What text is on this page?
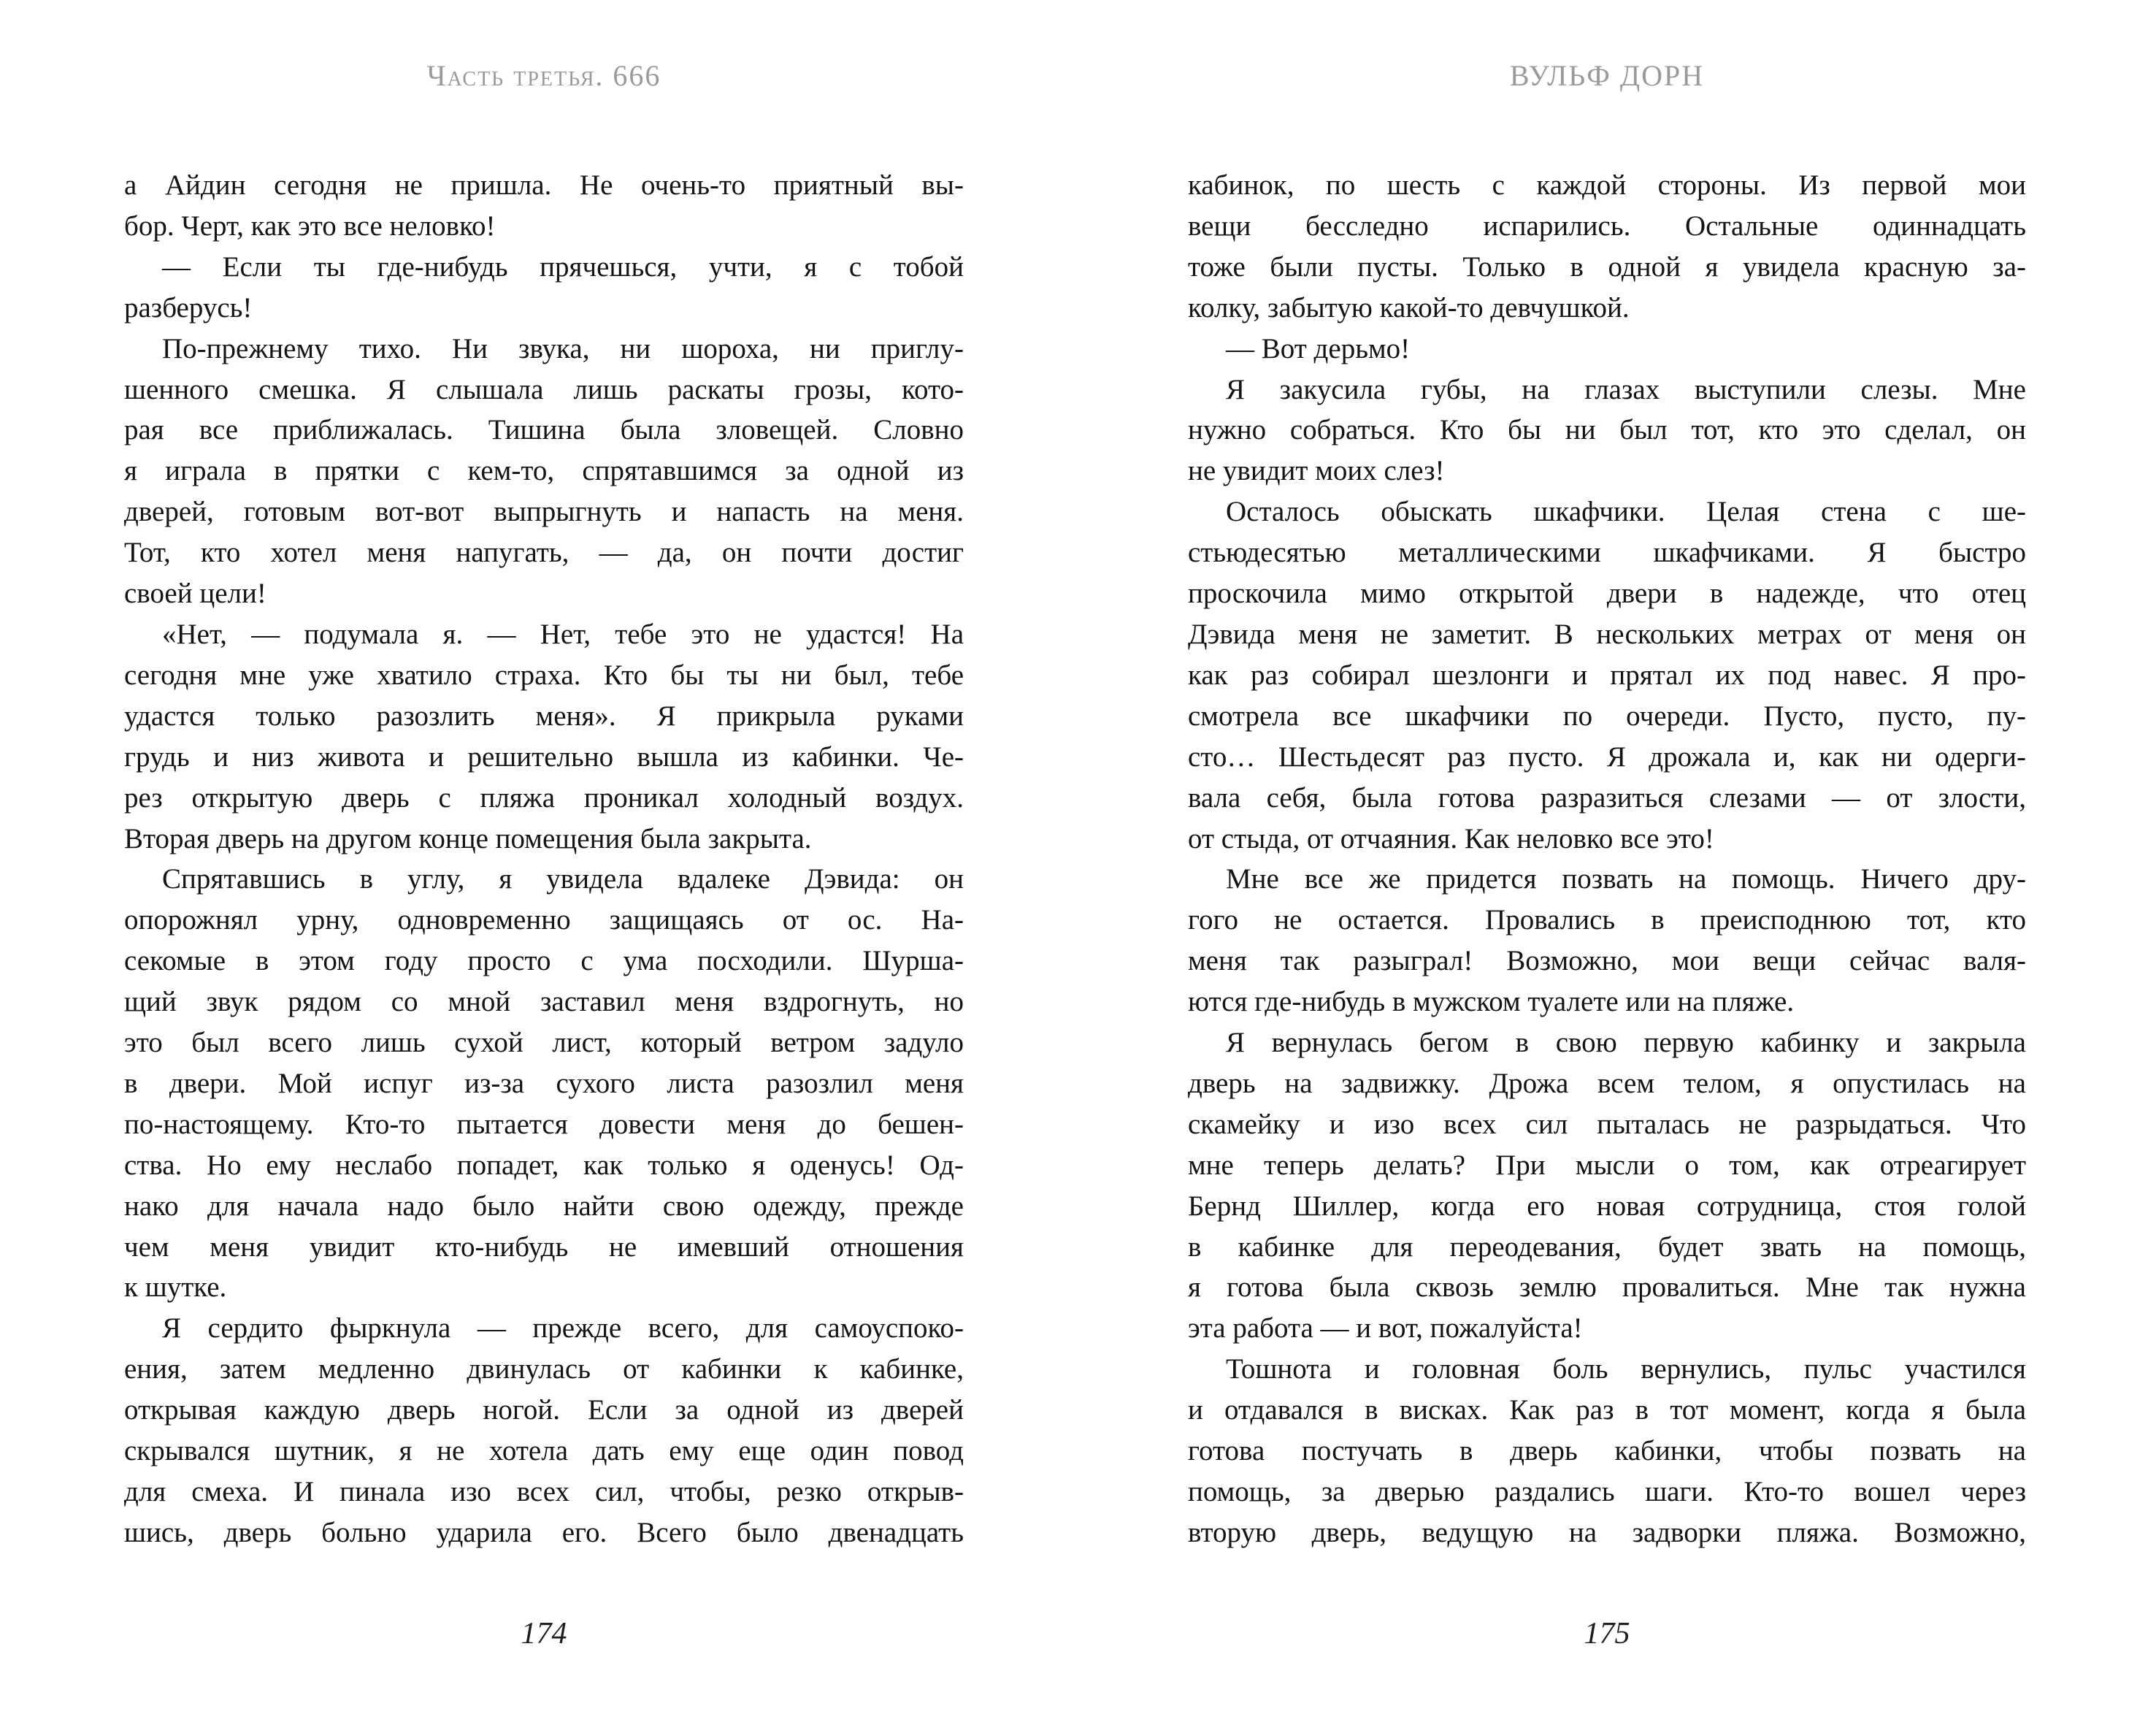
Часть третья. 666
а Айдин сегодня не пришла. Не очень-то приятный вы-
бор. Черт, как это все неловко!
— Если ты где-нибудь прячешься, учти, я с тобой
разберусь!
По-прежнему тихо. Ни звука, ни шороха, ни приглу-
шенного смешка. Я слышала лишь раскаты грозы, кото-
рая все приближалась. Тишина была зловещей. Словно
я играла в прятки с кем-то, спрятавшимся за одной из
дверей, готовым вот-вот выпрыгнуть и напасть на меня.
Тот, кто хотел меня напугать, — да, он почти достиг
своей цели!
«Нет, — подумала я. — Нет, тебе это не удастся! На
сегодня мне уже хватило страха. Кто бы ты ни был, тебе
удастся только разозлить меня». Я прикрыла руками
грудь и низ живота и решительно вышла из кабинки. Че-
рез открытую дверь с пляжа проникал холодный воздух.
Вторая дверь на другом конце помещения была закрыта.
Спрятавшись в углу, я увидела вдалеке Дэвида: он
опорожнял урну, одновременно защищаясь от ос. На-
секомые в этом году просто с ума посходили. Шурша-
щий звук рядом со мной заставил меня вздрогнуть, но
это был всего лишь сухой лист, который ветром задуло
в двери. Мой испуг из-за сухого листа разозлил меня
по-настоящему. Кто-то пытается довести меня до бешен-
ства. Но ему неслабо попадет, как только я оденусь! Од-
нако для начала надо было найти свою одежду, прежде
чем меня увидит кто-нибудь не имевший отношения
к шутке.
Я сердито фыркнула — прежде всего, для самоуспоко-
ения, затем медленно двинулась от кабинки к кабинке,
открывая каждую дверь ногой. Если за одной из дверей
скрывался шутник, я не хотела дать ему еще один повод
для смеха. И пинала изо всех сил, чтобы, резко открыв-
шись, дверь больно ударила его. Всего было двенадцать
174
ВУЛЬФ ДОРН
кабинок, по шесть с каждой стороны. Из первой мои
вещи бесследно испарились. Остальные одиннадцать
тоже были пусты. Только в одной я увидела красную за-
колку, забытую какой-то девчушкой.
— Вот дерьмо!
Я закусила губы, на глазах выступили слезы. Мне
нужно собраться. Кто бы ни был тот, кто это сделал, он
не увидит моих слез!
Осталось обыскать шкафчики. Целая стена с ше-
стьюдесятью металлическими шкафчиками. Я быстро
проскочила мимо открытой двери в надежде, что отец
Дэвида меня не заметит. В нескольких метрах от меня он
как раз собирал шезлонги и прятал их под навес. Я про-
смотрела все шкафчики по очереди. Пусто, пусто, пу-
сто… Шестьдесят раз пусто. Я дрожала и, как ни одерги-
вала себя, была готова разразиться слезами — от злости,
от стыда, от отчаяния. Как неловко все это!
Мне все же придется позвать на помощь. Ничего дру-
гого не остается. Провались в преисподнюю тот, кто
меня так разыграл! Возможно, мои вещи сейчас валя-
ются где-нибудь в мужском туалете или на пляже.
Я вернулась бегом в свою первую кабинку и закрыла
дверь на задвижку. Дрожа всем телом, я опустилась на
скамейку и изо всех сил пыталась не разрыдаться. Что
мне теперь делать? При мысли о том, как отреагирует
Бернд Шиллер, когда его новая сотрудница, стоя голой
в кабинке для переодевания, будет звать на помощь,
я готова была сквозь землю провалиться. Мне так нужна
эта работа — и вот, пожалуйста!
Тошнота и головная боль вернулись, пульс участился
и отдавался в висках. Как раз в тот момент, когда я была
готова постучать в дверь кабинки, чтобы позвать на
помощь, за дверью раздались шаги. Кто-то вошел через
вторую дверь, ведущую на задворки пляжа. Возможно,
175
